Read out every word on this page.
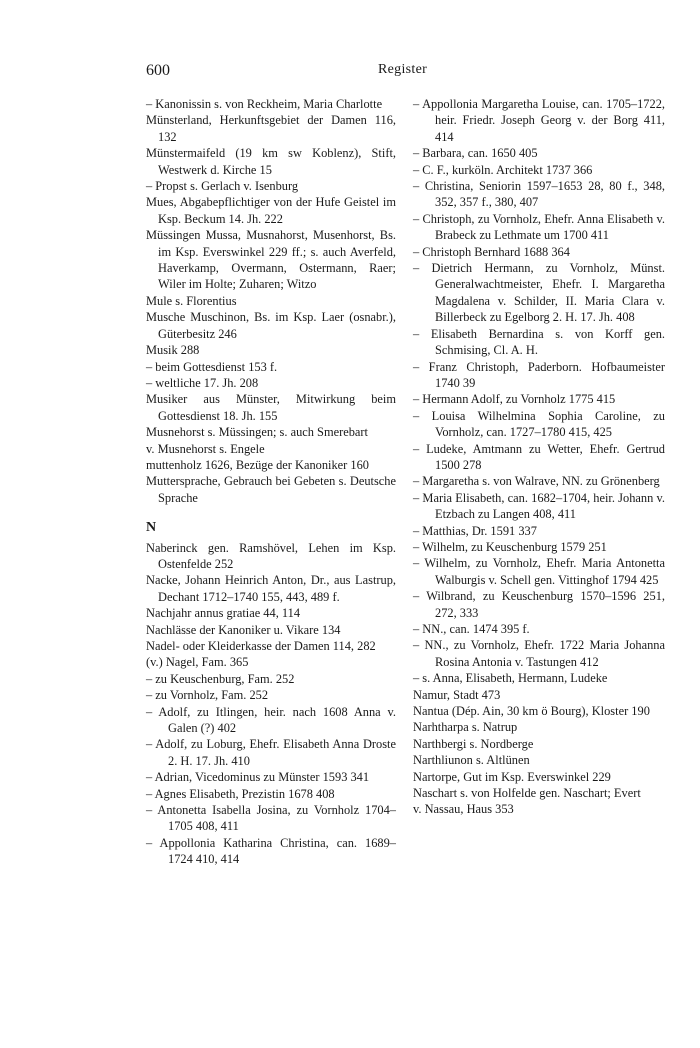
600	Register
– Kanonissin s. von Reckheim, Maria Charlotte
Münsterland, Herkunftsgebiet der Damen 116, 132
Münstermaifeld (19 km sw Koblenz), Stift, Westwerk d. Kirche 15
– Propst s. Gerlach v. Isenburg
Mues, Abgabepflichtiger von der Hufe Geistel im Ksp. Beckum 14. Jh. 222
Müssingen Mussa, Musnahorst, Musenhorst, Bs. im Ksp. Everswinkel 229 ff.; s. auch Averfeld, Haverkamp, Overmann, Ostermann, Raer; Wiler im Holte; Zuharen; Witzo
Mule s. Florentius
Musche Muschinon, Bs. im Ksp. Laer (osnabr.), Güterbesitz 246
Musik 288
– beim Gottesdienst 153 f.
– weltliche 17. Jh. 208
Musiker aus Münster, Mitwirkung beim Gottesdienst 18. Jh. 155
Musnehorst s. Müssingen; s. auch Smerebart
v. Musnehorst s. Engele
muttenholz 1626, Bezüge der Kanoniker 160
Muttersprache, Gebrauch bei Gebeten s. Deutsche Sprache
N
Naberinck gen. Ramshövel, Lehen im Ksp. Ostenfelde 252
Nacke, Johann Heinrich Anton, Dr., aus Lastrup, Dechant 1712–1740 155, 443, 489 f.
Nachjahr annus gratiae 44, 114
Nachlässe der Kanoniker u. Vikare 134
Nadel- oder Kleiderkasse der Damen 114, 282
(v.) Nagel, Fam. 365
– zu Keuschenburg, Fam. 252
– zu Vornholz, Fam. 252
– Adolf, zu Itlingen, heir. nach 1608 Anna v. Galen (?) 402
– Adolf, zu Loburg, Ehefr. Elisabeth Anna Droste 2. H. 17. Jh. 410
– Adrian, Vicedominus zu Münster 1593 341
– Agnes Elisabeth, Prezistin 1678 408
– Antonetta Isabella Josina, zu Vornholz 1704–1705 408, 411
– Appollonia Katharina Christina, can. 1689–1724 410, 414
– Appollonia Margaretha Louise, can. 1705–1722, heir. Friedr. Joseph Georg v. der Borg 411, 414
– Barbara, can. 1650 405
– C. F., kurköln. Architekt 1737 366
– Christina, Seniorin 1597–1653 28, 80 f., 348, 352, 357 f., 380, 407
– Christoph, zu Vornholz, Ehefr. Anna Elisabeth v. Brabeck zu Lethmate um 1700 411
– Christoph Bernhard 1688 364
– Dietrich Hermann, zu Vornholz, Münst. Generalwachtmeister, Ehefr. I. Margaretha Magdalena v. Schilder, II. Maria Clara v. Billerbeck zu Egelborg 2. H. 17. Jh. 408
– Elisabeth Bernardina s. von Korff gen. Schmising, Cl. A. H.
– Franz Christoph, Paderborn. Hofbaumeister 1740 39
– Hermann Adolf, zu Vornholz 1775 415
– Louisa Wilhelmina Sophia Caroline, zu Vornholz, can. 1727–1780 415, 425
– Ludeke, Amtmann zu Wetter, Ehefr. Gertrud 1500 278
– Margaretha s. von Walrave, NN. zu Grönenberg
– Maria Elisabeth, can. 1682–1704, heir. Johann v. Etzbach zu Langen 408, 411
– Matthias, Dr. 1591 337
– Wilhelm, zu Keuschenburg 1579 251
– Wilhelm, zu Vornholz, Ehefr. Maria Antonetta Walburgis v. Schell gen. Vittinghof 1794 425
– Wilbrand, zu Keuschenburg 1570–1596 251, 272, 333
– NN., can. 1474 395 f.
– NN., zu Vornholz, Ehefr. 1722 Maria Johanna Rosina Antonia v. Tastungen 412
– s. Anna, Elisabeth, Hermann, Ludeke
Namur, Stadt 473
Nantua (Dép. Ain, 30 km ö Bourg), Kloster 190
Narhtharpa s. Natrup
Narthbergi s. Nordberge
Narthliunon s. Altlünen
Nartorpe, Gut im Ksp. Everswinkel 229
Naschart s. von Holfelde gen. Naschart; Evert
v. Nassau, Haus 353
